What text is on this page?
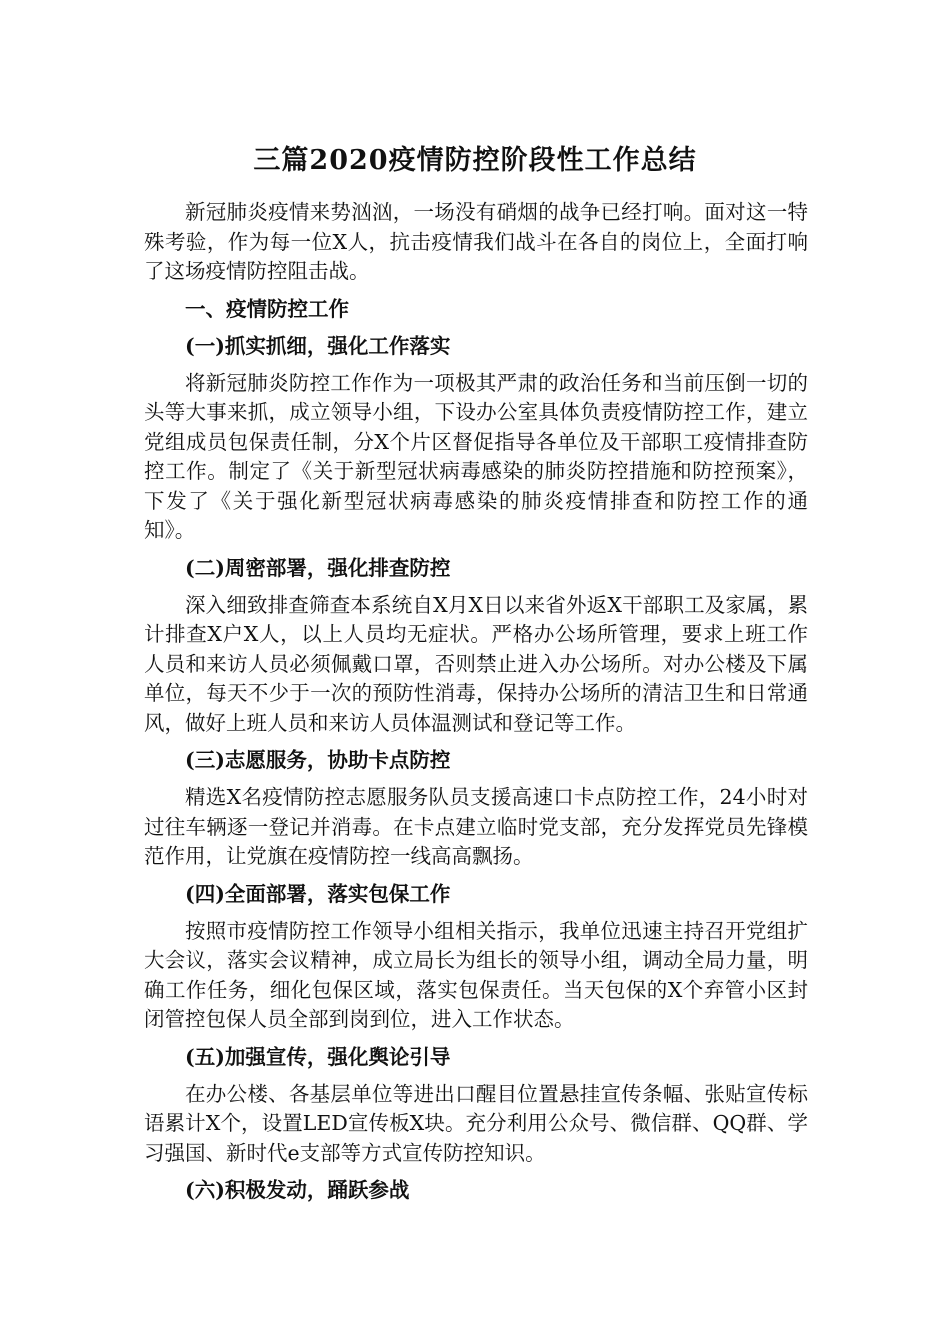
三篇2020疫情防控阶段性工作总结

新冠肺炎疫情来势汹汹，一场没有硝烟的战争已经打响。面对这一特殊考验，作为每一位X人，抗击疫情我们战斗在各自的岗位上，全面打响了这场疫情防控阻击战。

一、疫情防控工作
(一)抓实抓细，强化工作落实

将新冠肺炎防控工作作为一项极其严肃的政治任务和当前压倒一切的头等大事来抓，成立领导小组，下设办公室具体负责疫情防控工作，建立党组成员包保责任制，分X个片区督促指导各单位及干部职工疫情排查防控工作。制定了《关于新型冠状病毒感染的肺炎防控措施和防控预案》，下发了《关于强化新型冠状病毒感染的肺炎疫情排查和防控工作的通知》。

(二)周密部署，强化排查防控

深入细致排查筛查本系统自X月X日以来省外返X干部职工及家属，累计排查X户X人，以上人员均无症状。严格办公场所管理，要求上班工作人员和来访人员必须佩戴口罩，否则禁止进入办公场所。对办公楼及下属单位，每天不少于一次的预防性消毒，保持办公场所的清洁卫生和日常通风，做好上班人员和来访人员体温测试和登记等工作。

(三)志愿服务，协助卡点防控

精选X名疫情防控志愿服务队员支援高速口卡点防控工作，24小时对过往车辆逐一登记并消毒。在卡点建立临时党支部，充分发挥党员先锋模范作用，让党旗在疫情防控一线高高飘扬。

(四)全面部署，落实包保工作

按照市疫情防控工作领导小组相关指示，我单位迅速主持召开党组扩大会议，落实会议精神，成立局长为组长的领导小组，调动全局力量，明确工作任务，细化包保区域，落实包保责任。当天包保的X个弃管小区封闭管控包保人员全部到岗到位，进入工作状态。

(五)加强宣传，强化舆论引导

在办公楼、各基层单位等进出口醒目位置悬挂宣传条幅、张贴宣传标语累计X个，设置LED宣传板X块。充分利用公众号、微信群、QQ群、学习强国、新时代e支部等方式宣传防控知识。

(六)积极发动，踊跃参战
